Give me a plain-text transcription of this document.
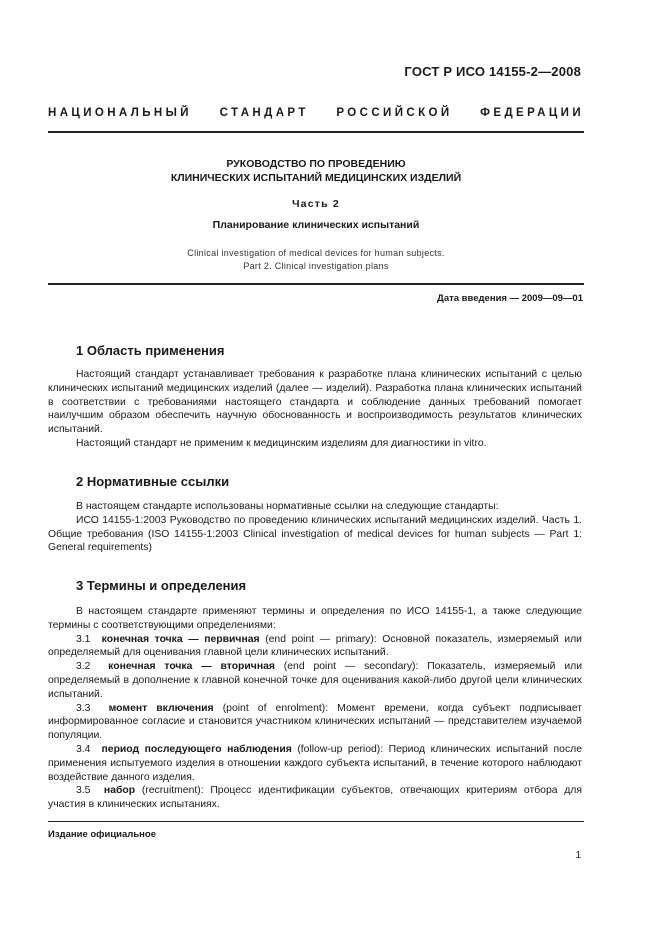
ГОСТ Р ИСО 14155-2—2008
НАЦИОНАЛЬНЫЙ СТАНДАРТ РОССИЙСКОЙ ФЕДЕРАЦИИ
РУКОВОДСТВО ПО ПРОВЕДЕНИЮ
КЛИНИЧЕСКИХ ИСПЫТАНИЙ МЕДИЦИНСКИХ ИЗДЕЛИЙ
Часть 2
Планирование клинических испытаний
Clinical investigation of medical devices for human subjects.
Part 2. Clinical investigation plans
Дата введения — 2009—09—01
1 Область применения

Настоящий стандарт устанавливает требования к разработке плана клинических испытаний с целью клинических испытаний медицинских изделий (далее — изделий). Разработка плана клинических испытаний в соответствии с требованиями настоящего стандарта и соблюдение данных требований помогает наилучшим образом обеспечить научную обоснованность и воспроизводимость результатов клинических испытаний.

Настоящий стандарт не применим к медицинским изделиям для диагностики in vitro.

2 Нормативные ссылки

В настоящем стандарте использованы нормативные ссылки на следующие стандарты:

ИСО 14155-1:2003 Руководство по проведению клинических испытаний медицинских изделий. Часть 1. Общие требования (ISO 14155-1:2003 Clinical investigation of medical devices for human subjects — Part 1: General requirements)

3 Термины и определения

В настоящем стандарте применяют термины и определения по ИСО 14155-1, а также следующие термины с соответствующими определениями:

3.1 конечная точка — первичная (end point — primary): Основной показатель, измеряемый или определяемый для оценивания главной цели клинических испытаний.

3.2 конечная точка — вторичная (end point — secondary): Показатель, измеряемый или определяемый в дополнение к главной конечной точке для оценивания какой-либо другой цели клинических испытаний.

3.3 момент включения (point of enrolment): Момент времени, когда субъект подписывает информированное согласие и становится участником клинических испытаний — представителем изучаемой популяции.

3.4 период последующего наблюдения (follow-up period): Период клинических испытаний после применения испытуемого изделия в отношении каждого субъекта испытаний, в течение которого наблюдают воздействие данного изделия.

3.5 набор (recruitment): Процесс идентификации субъектов, отвечающих критериям отбора для участия в клинических испытаниях.

Издание официальное
1
